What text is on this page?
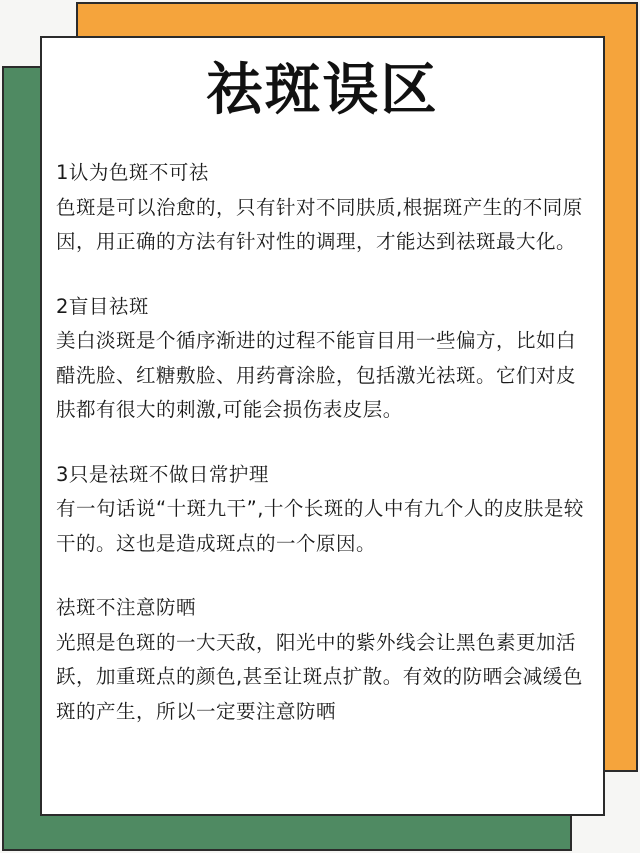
祛斑误区

1认为色斑不可祛

色斑是可以治愈的，只有针对不同肤质,根据斑产生的不同原因，用正确的方法有针对性的调理，才能达到祛斑最大化。

2盲目祛斑

美白淡斑是个循序渐进的过程不能盲目用一些偏方，比如白醋洗脸、红糖敷脸、用药膏涂脸，包括激光祛斑。它们对皮肤都有很大的刺激,可能会损伤表皮层。

3只是祛斑不做日常护理

有一句话说“十斑九干”,十个长斑的人中有九个人的皮肤是较干的。这也是造成斑点的一个原因。

祛斑不注意防晒

光照是色斑的一大天敌，阳光中的紫外线会让黑色素更加活跃，加重斑点的颜色,甚至让斑点扩散。有效的防晒会减缓色斑的产生，所以一定要注意防晒
